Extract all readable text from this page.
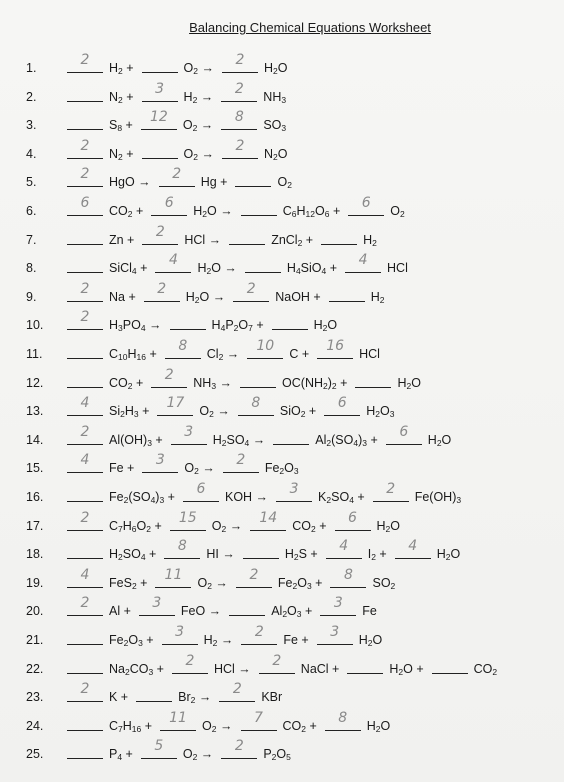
Balancing Chemical Equations Worksheet
1.	2	$H_2$ +	$O_2$ →	2	$H_2O$
2.	$N_2$ +	3	$H_2$ →	2	$NH_3$
3.	$S_8$ +	12	$O_2$ →	8	$SO_3$
4.	2	$N_2$ +	$O_2$ →	2	$N_2O$
5.	2	HgO →	2	Hg +	$O_2$
6.	6	$CO_2$ +	6	$H_2O$ →	$C_6H_{12}O_6$ +	6	$O_2$
7.	Zn +	2	HCl →	ZnCl$_2$ +	$H_2$
8.	SiCl$_4$ +	4	$H_2O$ →	$H_4SiO_4$ +	4	HCl
9.	2	Na +	2	$H_2O$ →	2	NaOH +	$H_2$
10.	2	$H_3PO_4$ →	$H_4P_2O_7$ +	$H_2O$
11.	$C_{10}H_{16}$ +	8	$Cl_2$ →	10	C +	16	HCl
12.	$CO_2$ +	2	$NH_3$ →	$OC(NH_2)_2$ +	$H_2O$
13.	4	$Si_2H_3$ +	17	$O_2$ →	8	SiO$_2$ +	6	$H_2O_3$
14.	2	$Al(OH)_3$ +	3	$H_2SO_4$ →	$Al_2(SO_4)_3$ +	6	$H_2O$
15.	4	Fe +	3	$O_2$ →	2	$Fe_2O_3$
16.	$Fe_2(SO_4)_3$ +	6	KOH →	3	$K_2SO_4$ +	2	$Fe(OH)_3$
17.	2	$C_7H_6O_2$ +	15	$O_2$ →	14	$CO_2$ +	6	$H_2O$
18.	$H_2SO_4$ +	8	HI →	$H_2S$ +	4	$I_2$ +	4	$H_2O$
19.	4	FeS$_2$ +	11	$O_2$ →	2	$Fe_2O_3$ +	8	$SO_2$
20.	2	Al +	3	FeO →	$Al_2O_3$ +	3	Fe
21.	$Fe_2O_3$ +	3	$H_2$ →	2	Fe +	3	$H_2O$
22.	$Na_2CO_3$ +	2	HCl →	2	NaCl +	$H_2O$ +	$CO_2$
23.	2	K +	$Br_2$ →	2	KBr
24.	$C_7H_{16}$ +	11	$O_2$ →	7	$CO_2$ +	8	$H_2O$
25.	$P_4$ +	5	$O_2$ →	2	$P_2O_5$
